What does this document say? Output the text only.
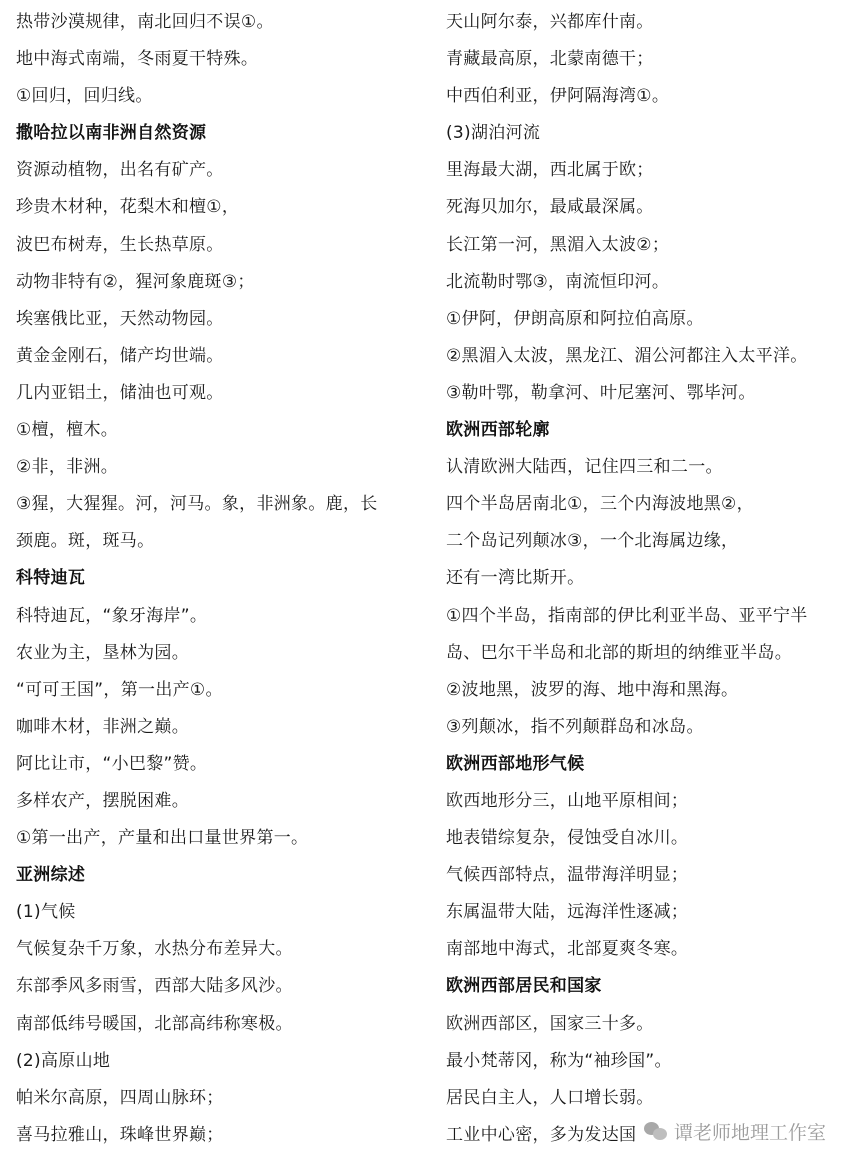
热带沙漠规律，南北回归不误①。
地中海式南端，冬雨夏干特殊。
①回归，回归线。
撒哈拉以南非洲自然资源
资源动植物，出名有矿产。
珍贵木材种，花梨木和檀①，
波巴布树寿，生长热草原。
动物非特有②，猩河象鹿斑③；
埃塞俄比亚，天然动物园。
黄金金刚石，储产均世端。
几内亚铝土，储油也可观。
①檀，檀木。
②非，非洲。
③猩，大猩猩。河，河马。象，非洲象。鹿，长
颈鹿。斑，斑马。
科特迪瓦
科特迪瓦，“象牙海岸”。
农业为主，垦林为园。
“可可王国”，第一出产①。
咖啡木材，非洲之巅。
阿比让市，“小巴黎”赞。
多样农产，摆脱困难。
①第一出产，产量和出口量世界第一。
亚洲综述
(1)气候
气候复杂千万象，水热分布差异大。
东部季风多雨雪，西部大陆多风沙。
南部低纬号暖国，北部高纬称寒极。
(2)高原山地
帕米尔高原，四周山脉环；
喜马拉雅山，珠峰世界巅；
天山阿尔泰，兴都库什南。
青藏最高原，北蒙南德干；
中西伯利亚，伊阿隔海湾①。
(3)湖泊河流
里海最大湖，西北属于欧；
死海贝加尔，最咸最深属。
长江第一河，黑湄入太波②；
北流勒时鄂③，南流恒印河。
①伊阿，伊朗高原和阿拉伯高原。
②黑湄入太波，黑龙江、湄公河都注入太平洋。
③勒叶鄂，勒拿河、叶尼塞河、鄂毕河。
欧洲西部轮廓
认清欧洲大陆西，记住四三和二一。
四个半岛居南北①，三个内海波地黑②，
二个岛记列颠冰③，一个北海属边缘，
还有一湾比斯开。
①四个半岛，指南部的伊比利亚半岛、亚平宁半
岛、巴尔干半岛和北部的斯坦的纳维亚半岛。
②波地黑，波罗的海、地中海和黑海。
③列颠冰，指不列颠群岛和冰岛。
欧洲西部地形气候
欧西地形分三，山地平原相间；
地表错综复杂，侵蚀受自冰川。
气候西部特点，温带海洋明显；
东属温带大陆，远海洋性逐减；
南部地中海式，北部夏爽冬寒。
欧洲西部居民和国家
欧洲西部区，国家三十多。
最小梵蒂冈，称为“袖珍国”。
居民白主人，人口增长弱。
工业中心密，多为发达国	谭老师地理工作室
